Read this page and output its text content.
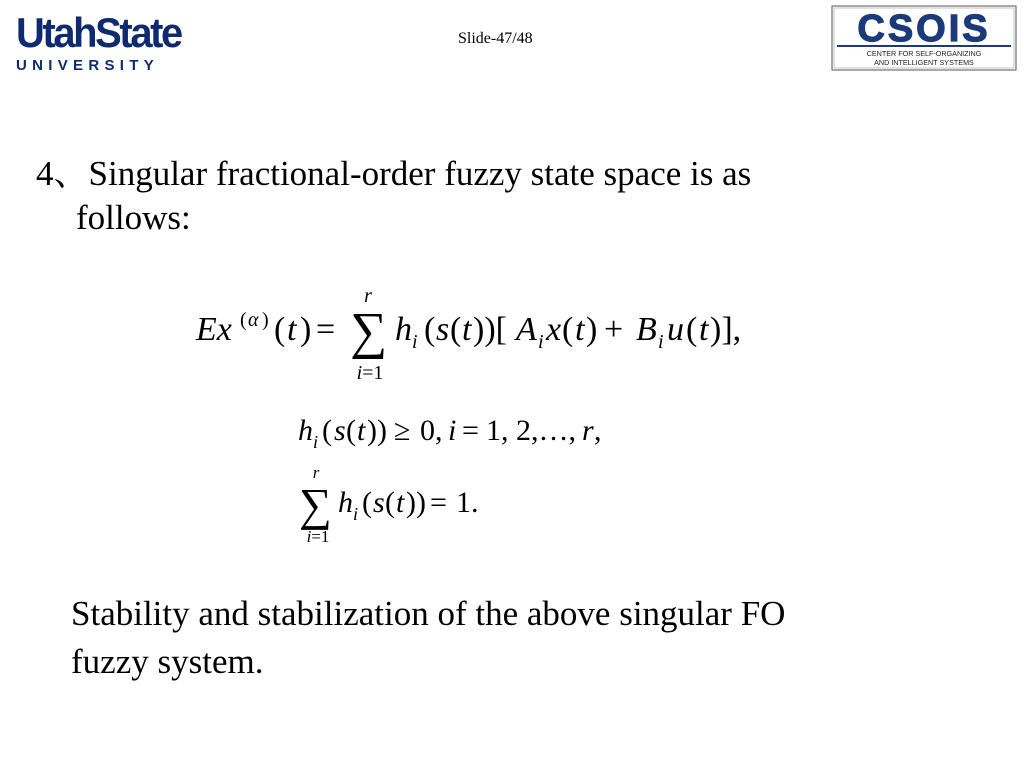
UtahState
UNIVERSITY
Slide-47/48	CSOIS
CENTER FOR SELF-ORGANIZING
AND INTELLIGENT SYSTEMS
4、Singular fractional-order fuzzy state space is as
follows:
Ex ( α ) ( t ) =
r
∑
i=1
h i ( s ( t ))[ A i x ( t ) + B i u ( t )],
h i ( s ( t )) ≥ 0, i = 1, 2,…, r ,
r
∑
i=1
h i ( s ( t )) = 1.
Stability and stabilization of the above singular FO
fuzzy system.
